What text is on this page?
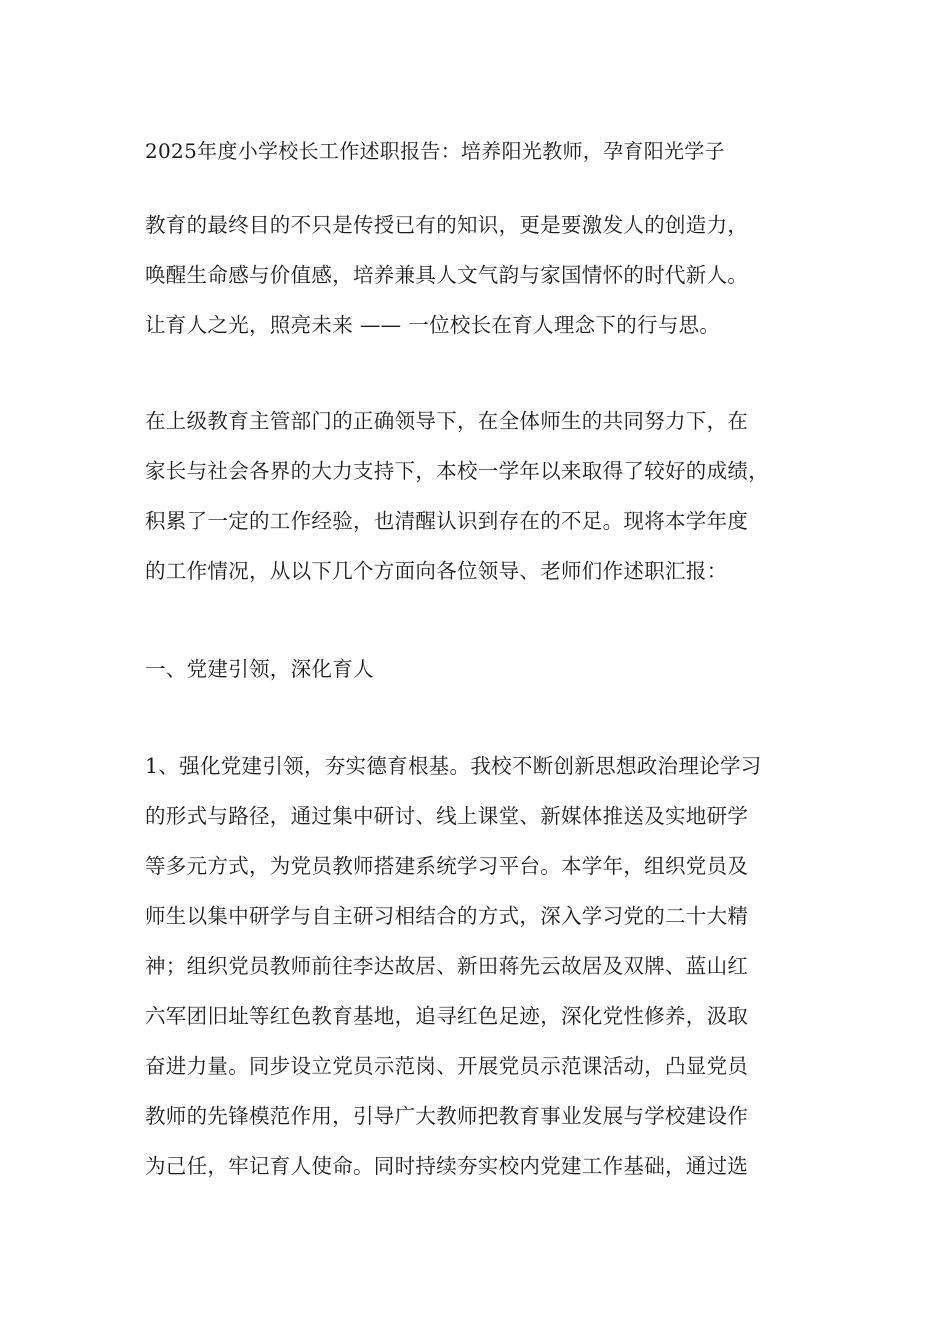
2025年度小学校长工作述职报告：培养阳光教师，孕育阳光学子
教育的最终目的不只是传授已有的知识，更是要激发人的创造力，
唤醒生命感与价值感，培养兼具人文气韵与家国情怀的时代新人。
让育人之光，照亮未来 —— 一位校长在育人理念下的行与思。
在上级教育主管部门的正确领导下，在全体师生的共同努力下，在
家长与社会各界的大力支持下，本校一学年以来取得了较好的成绩，
积累了一定的工作经验，也清醒认识到存在的不足。现将本学年度
的工作情况，从以下几个方面向各位领导、老师们作述职汇报：
一、党建引领，深化育人
1、强化党建引领，夯实德育根基。我校不断创新思想政治理论学习
的形式与路径，通过集中研讨、线上课堂、新媒体推送及实地研学
等多元方式，为党员教师搭建系统学习平台。本学年，组织党员及
师生以集中研学与自主研习相结合的方式，深入学习党的二十大精
神；组织党员教师前往李达故居、新田蒋先云故居及双牌、蓝山红
六军团旧址等红色教育基地，追寻红色足迹，深化党性修养，汲取
奋进力量。同步设立党员示范岗、开展党员示范课活动，凸显党员
教师的先锋模范作用，引导广大教师把教育事业发展与学校建设作
为己任，牢记育人使命。同时持续夯实校内党建工作基础，通过选
